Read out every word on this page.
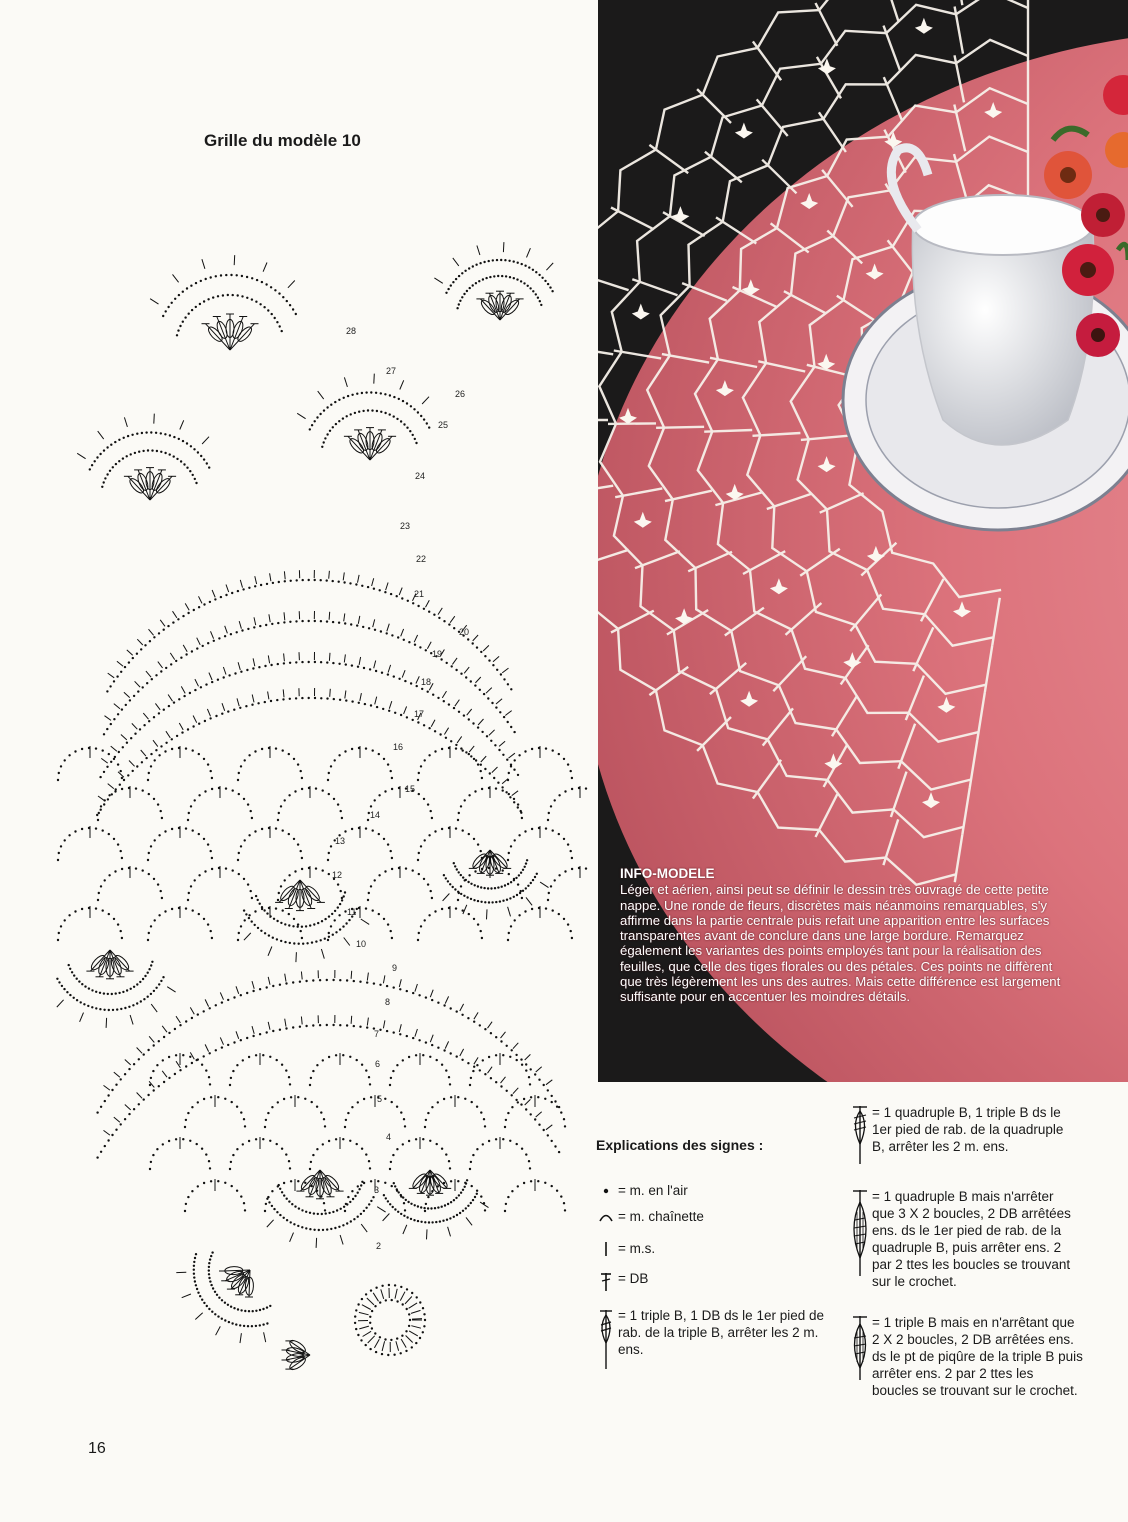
Grille du modèle 10
2
3
4
5
6
7
8
9
10
11
12
13
14
15
16
17
18
19
20
21
22
23
24
25
26
27
28
16
INFO-MODELE
Léger et aérien, ainsi peut se définir le dessin très ouvragé de cette petite nappe. Une ronde de fleurs, discrètes mais néanmoins remarquables, s'y affirme dans la partie centrale puis refait une apparition entre les surfaces transparentes avant de conclure dans une large bordure. Remarquez également les variantes des points employés tant pour la réalisation des feuilles, que celle des tiges florales ou des pétales. Ces points ne diffèrent que très légèrement les uns des autres. Mais cette différence est largement suffisante pour en accentuer les moindres détails.
Explications des signes :
= m. en l'air
= m. chaînette
= m.s.
= DB
= 1 triple B, 1 DB ds le 1er pied de rab. de la triple B, arrêter les 2 m. ens.
= 1 quadruple B, 1 triple B ds le 1er pied de rab. de la quadruple B, arrêter les 2 m. ens.
= 1 quadruple B mais n'arrêter que 3 X 2 boucles, 2 DB arrêtées ens. ds le 1er pied de rab. de la quadruple B, puis arrêter ens. 2 par 2 ttes les boucles se trouvant sur le crochet.
= 1 triple B mais en n'arrêtant que 2 X 2 boucles, 2 DB arrêtées ens. ds le pt de piqûre de la triple B puis arrêter ens. 2 par 2 ttes les boucles se trouvant sur le crochet.
